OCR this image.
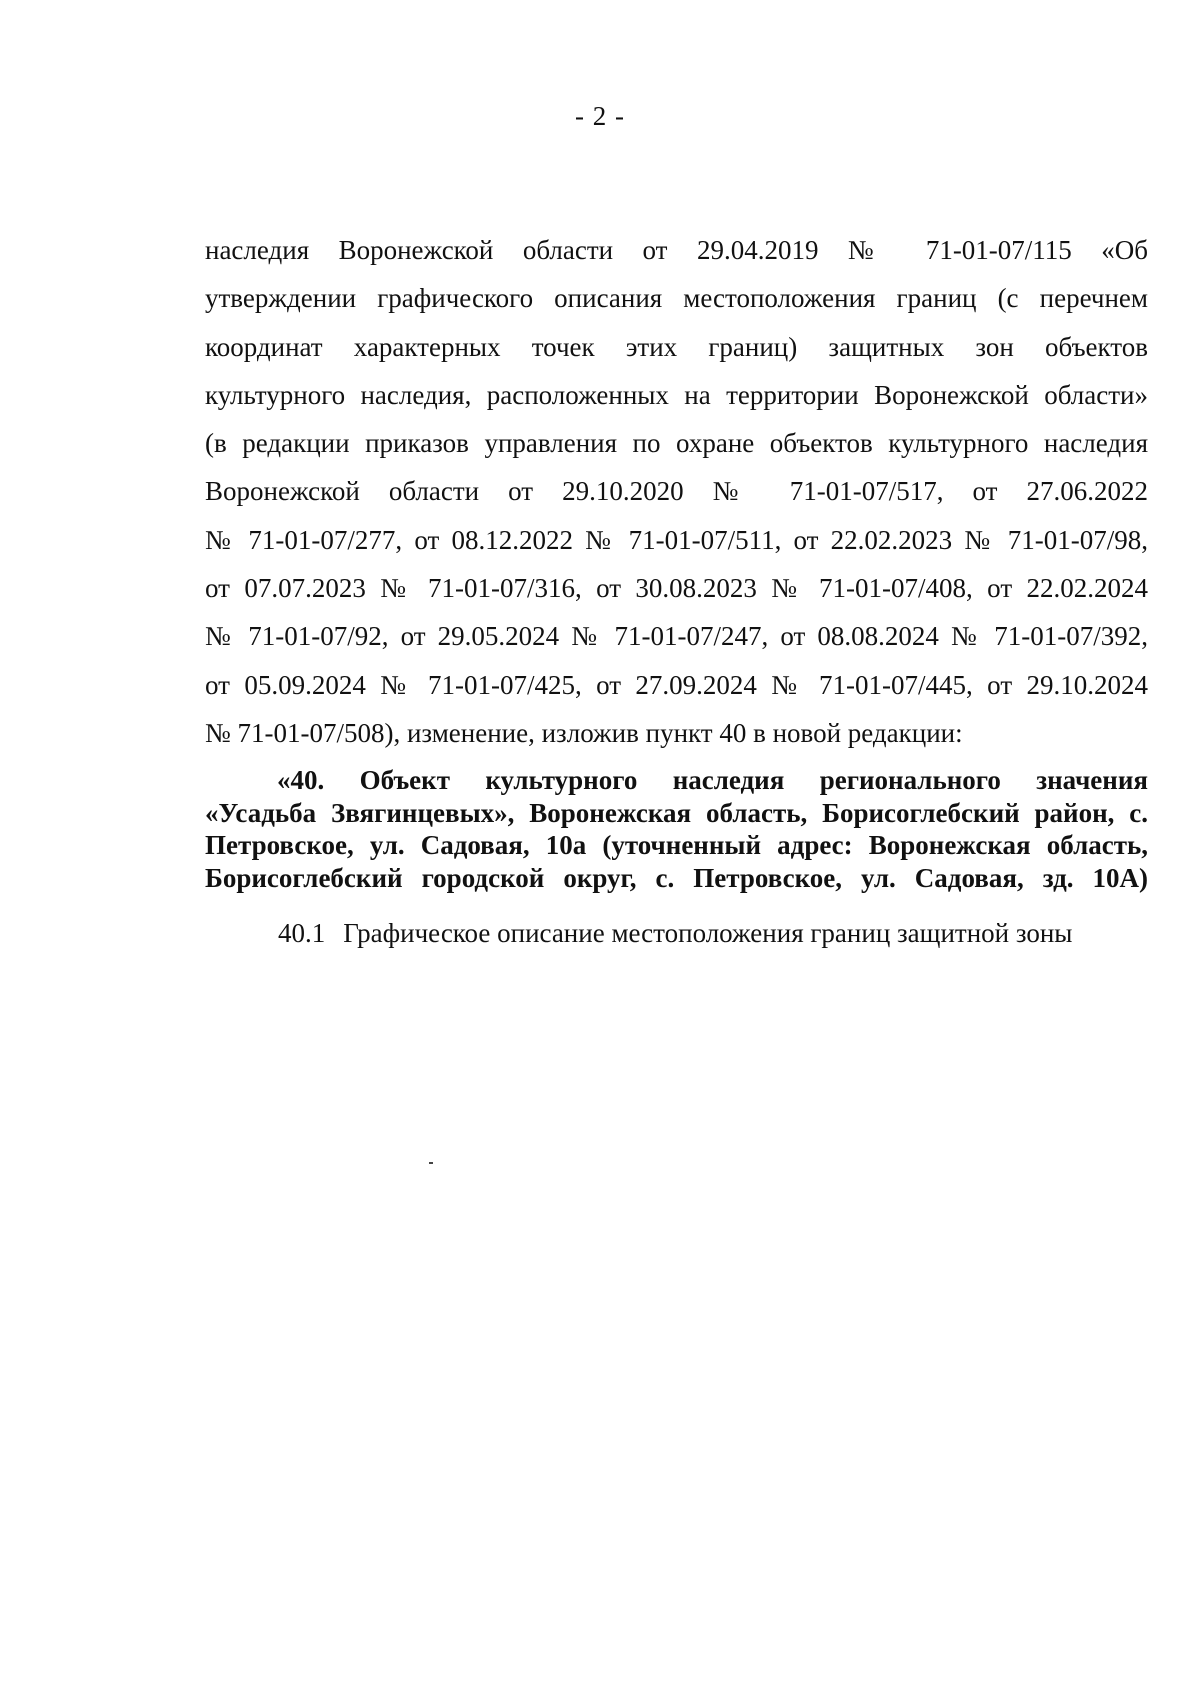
- 2 -
наследия Воронежской области от 29.04.2019 № 71-01-07/115 «Об
утверждении графического описания местоположения границ (с перечнем
координат характерных точек этих границ) защитных зон объектов
культурного наследия, расположенных на территории Воронежской области»
(в редакции приказов управления по охране объектов культурного наследия
Воронежской области от 29.10.2020 № 71-01-07/517, от 27.06.2022
№ 71-01-07/277, от 08.12.2022 № 71-01-07/511, от 22.02.2023 № 71-01-07/98,
от 07.07.2023 № 71-01-07/316, от 30.08.2023 № 71-01-07/408, от 22.02.2024
№ 71-01-07/92, от 29.05.2024 № 71-01-07/247, от 08.08.2024 № 71-01-07/392,
от 05.09.2024 № 71-01-07/425, от 27.09.2024 № 71-01-07/445, от 29.10.2024
№ 71-01-07/508), изменение, изложив пункт 40 в новой редакции:
«40. Объект культурного наследия регионального значения
«Усадьба Звягинцевых», Воронежская область, Борисоглебский район, с.
Петровское, ул. Садовая, 10а (уточненный адрес: Воронежская область,
Борисоглебский городской округ, с. Петровское, ул. Садовая, зд. 10А)
40.1 Графическое описание местоположения границ защитной зоны
